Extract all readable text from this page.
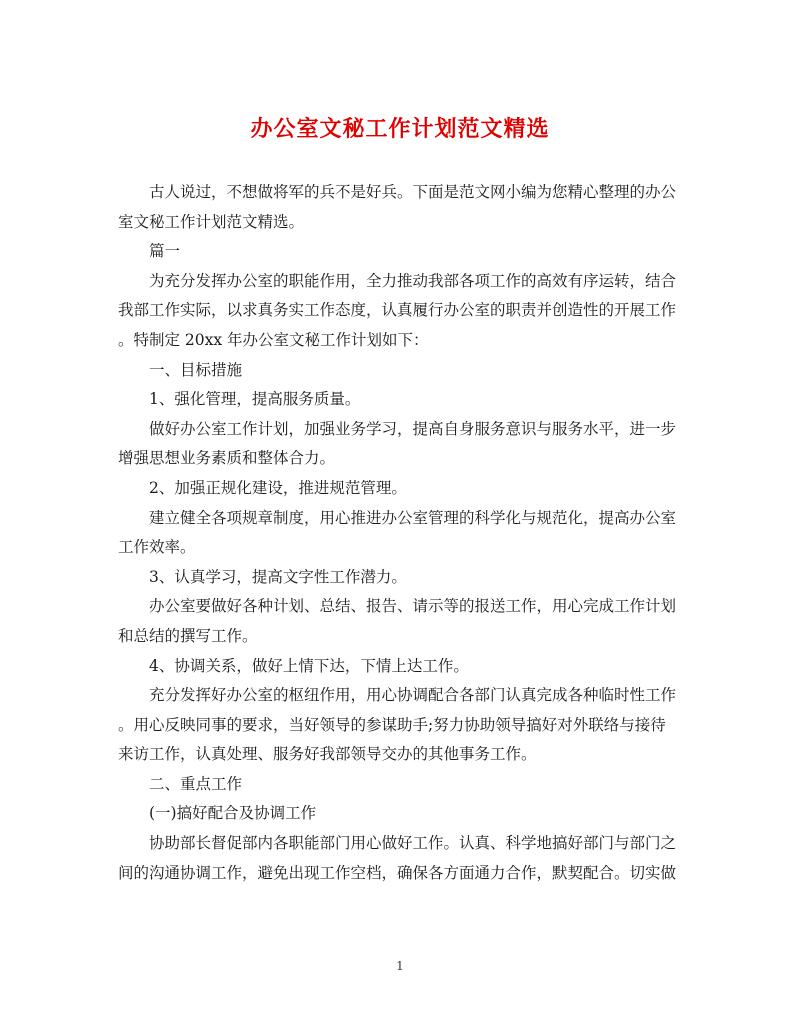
办公室文秘工作计划范文精选

古人说过，不想做将军的兵不是好兵。下面是范文网小编为您精心整理的办公
室文秘工作计划范文精选。

篇一

为充分发挥办公室的职能作用，全力推动我部各项工作的高效有序运转，结合
我部工作实际，以求真务实工作态度，认真履行办公室的职责并创造性的开展工作
。特制定 20xx 年办公室文秘工作计划如下：

一、目标措施

1、强化管理，提高服务质量。

做好办公室工作计划，加强业务学习，提高自身服务意识与服务水平，进一步
增强思想业务素质和整体合力。

2、加强正规化建设，推进规范管理。

建立健全各项规章制度，用心推进办公室管理的科学化与规范化，提高办公室
工作效率。

3、认真学习，提高文字性工作潜力。

办公室要做好各种计划、总结、报告、请示等的报送工作，用心完成工作计划
和总结的撰写工作。

4、协调关系，做好上情下达，下情上达工作。

充分发挥好办公室的枢纽作用，用心协调配合各部门认真完成各种临时性工作
。用心反映同事的要求，当好领导的参谋助手;努力协助领导搞好对外联络与接待
来访工作，认真处理、服务好我部领导交办的其他事务工作。

二、重点工作

(一)搞好配合及协调工作

协助部长督促部内各职能部门用心做好工作。认真、科学地搞好部门与部门之
间的沟通协调工作，避免出现工作空档，确保各方面通力合作，默契配合。切实做

1
